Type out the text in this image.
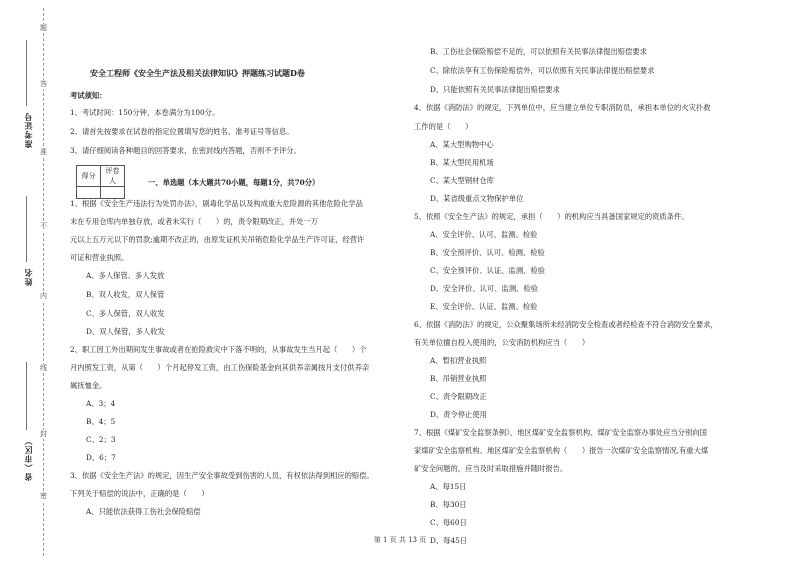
题
答
准
不
内
线
封
密
准考证号
姓名
省（市区）
安全工程师《安全生产法及相关法律知识》押题练习试题D卷
考试须知：
1、考试时间：150分钟，本卷满分为100分。
2、请首先按要求在试卷的指定位置填写您的姓名、准考证号等信息。
3、请仔细阅读各种题目的回答要求，在密封线内答题，否则不予评分。
一、单选题（本大题共70小题，每题1分，共70分）
1、根据《安全生产违法行为处罚办法》，剧毒化学品以及构成重大危险源的其他危险化学品
未在专用仓库内单独存放，或者未实行（　　）的，责令限期改正，并处一万
元以上五万元以下的罚款;逾期不改正的，由原发证机关吊销危险化学品生产许可证，经营许
可证和营业执照。
A、多人保管、多人发放
B、双人收发，双人保管
C、多人保管，双人收发
D、双人保管，多人收发
2、职工因工外出期间发生事故或者在抢险救灾中下落不明的，从事故发生当月起（　　）个
月内照发工资，从第（　　）个月起停发工资，由工伤保险基金向其供养亲属按月支付供养亲
属抚恤金。
A、3；4
B、4；5
C、2；3
D、6；7
3、依据《安全生产法》的规定，因生产安全事故受到伤害的人员，有权依法得到相应的赔偿。
下列关于赔偿的说法中，正确的是（　　）
A、只能依法获得工伤社会保险赔偿
得分	评卷人

B、工伤社会保险赔偿不足的，可以依照有关民事法律提出赔偿要求
C、除依法享有工伤保险赔偿外，可以依照有关民事法律提出赔偿要求
D、只能依照有关民事法律提出赔偿要求
4、依据《消防法》的规定，下列单位中，应当建立单位专职消防员，承担本单位的火灾扑救
工作的是（　　）
A、某大型购物中心
B、某大型民用机场
C、某大型钢材仓库
D、某省级重点文物保护单位
5、依照《安全生产法》的规定，承担（　　）的机构应当具备国家规定的资质条件。
A、安全评价、认可、监测、检验
B、安全预评价、认可、检测、检验
C、安全预评价、认证、监测、检验
D、安全评价、认可、监测、检验
E、安全评价、认证、监测、检验
6、依据《消防法》的规定，公众聚集场所未经消防安全检查或者经检查不符合消防安全要求，
有关单位擅自投入使用的，公安消防机构应当（　　）
A、暂扣营业执照
B、吊销营业执照
C、责令限期改正
D、责令停止使用
7、根据《煤矿安全监察条例》，地区煤矿安全监察机构、煤矿安全监察办事处应当分别向国
家煤矿安全监察机构、地区煤矿安全监察机构（　　）报告一次煤矿安全监察情况,有重大煤
矿安全问题的，应当及时采取措施并随时报告。
A、每15日
B、每30日
C、每60日
D、每45日
第 1 页 共 13 页
